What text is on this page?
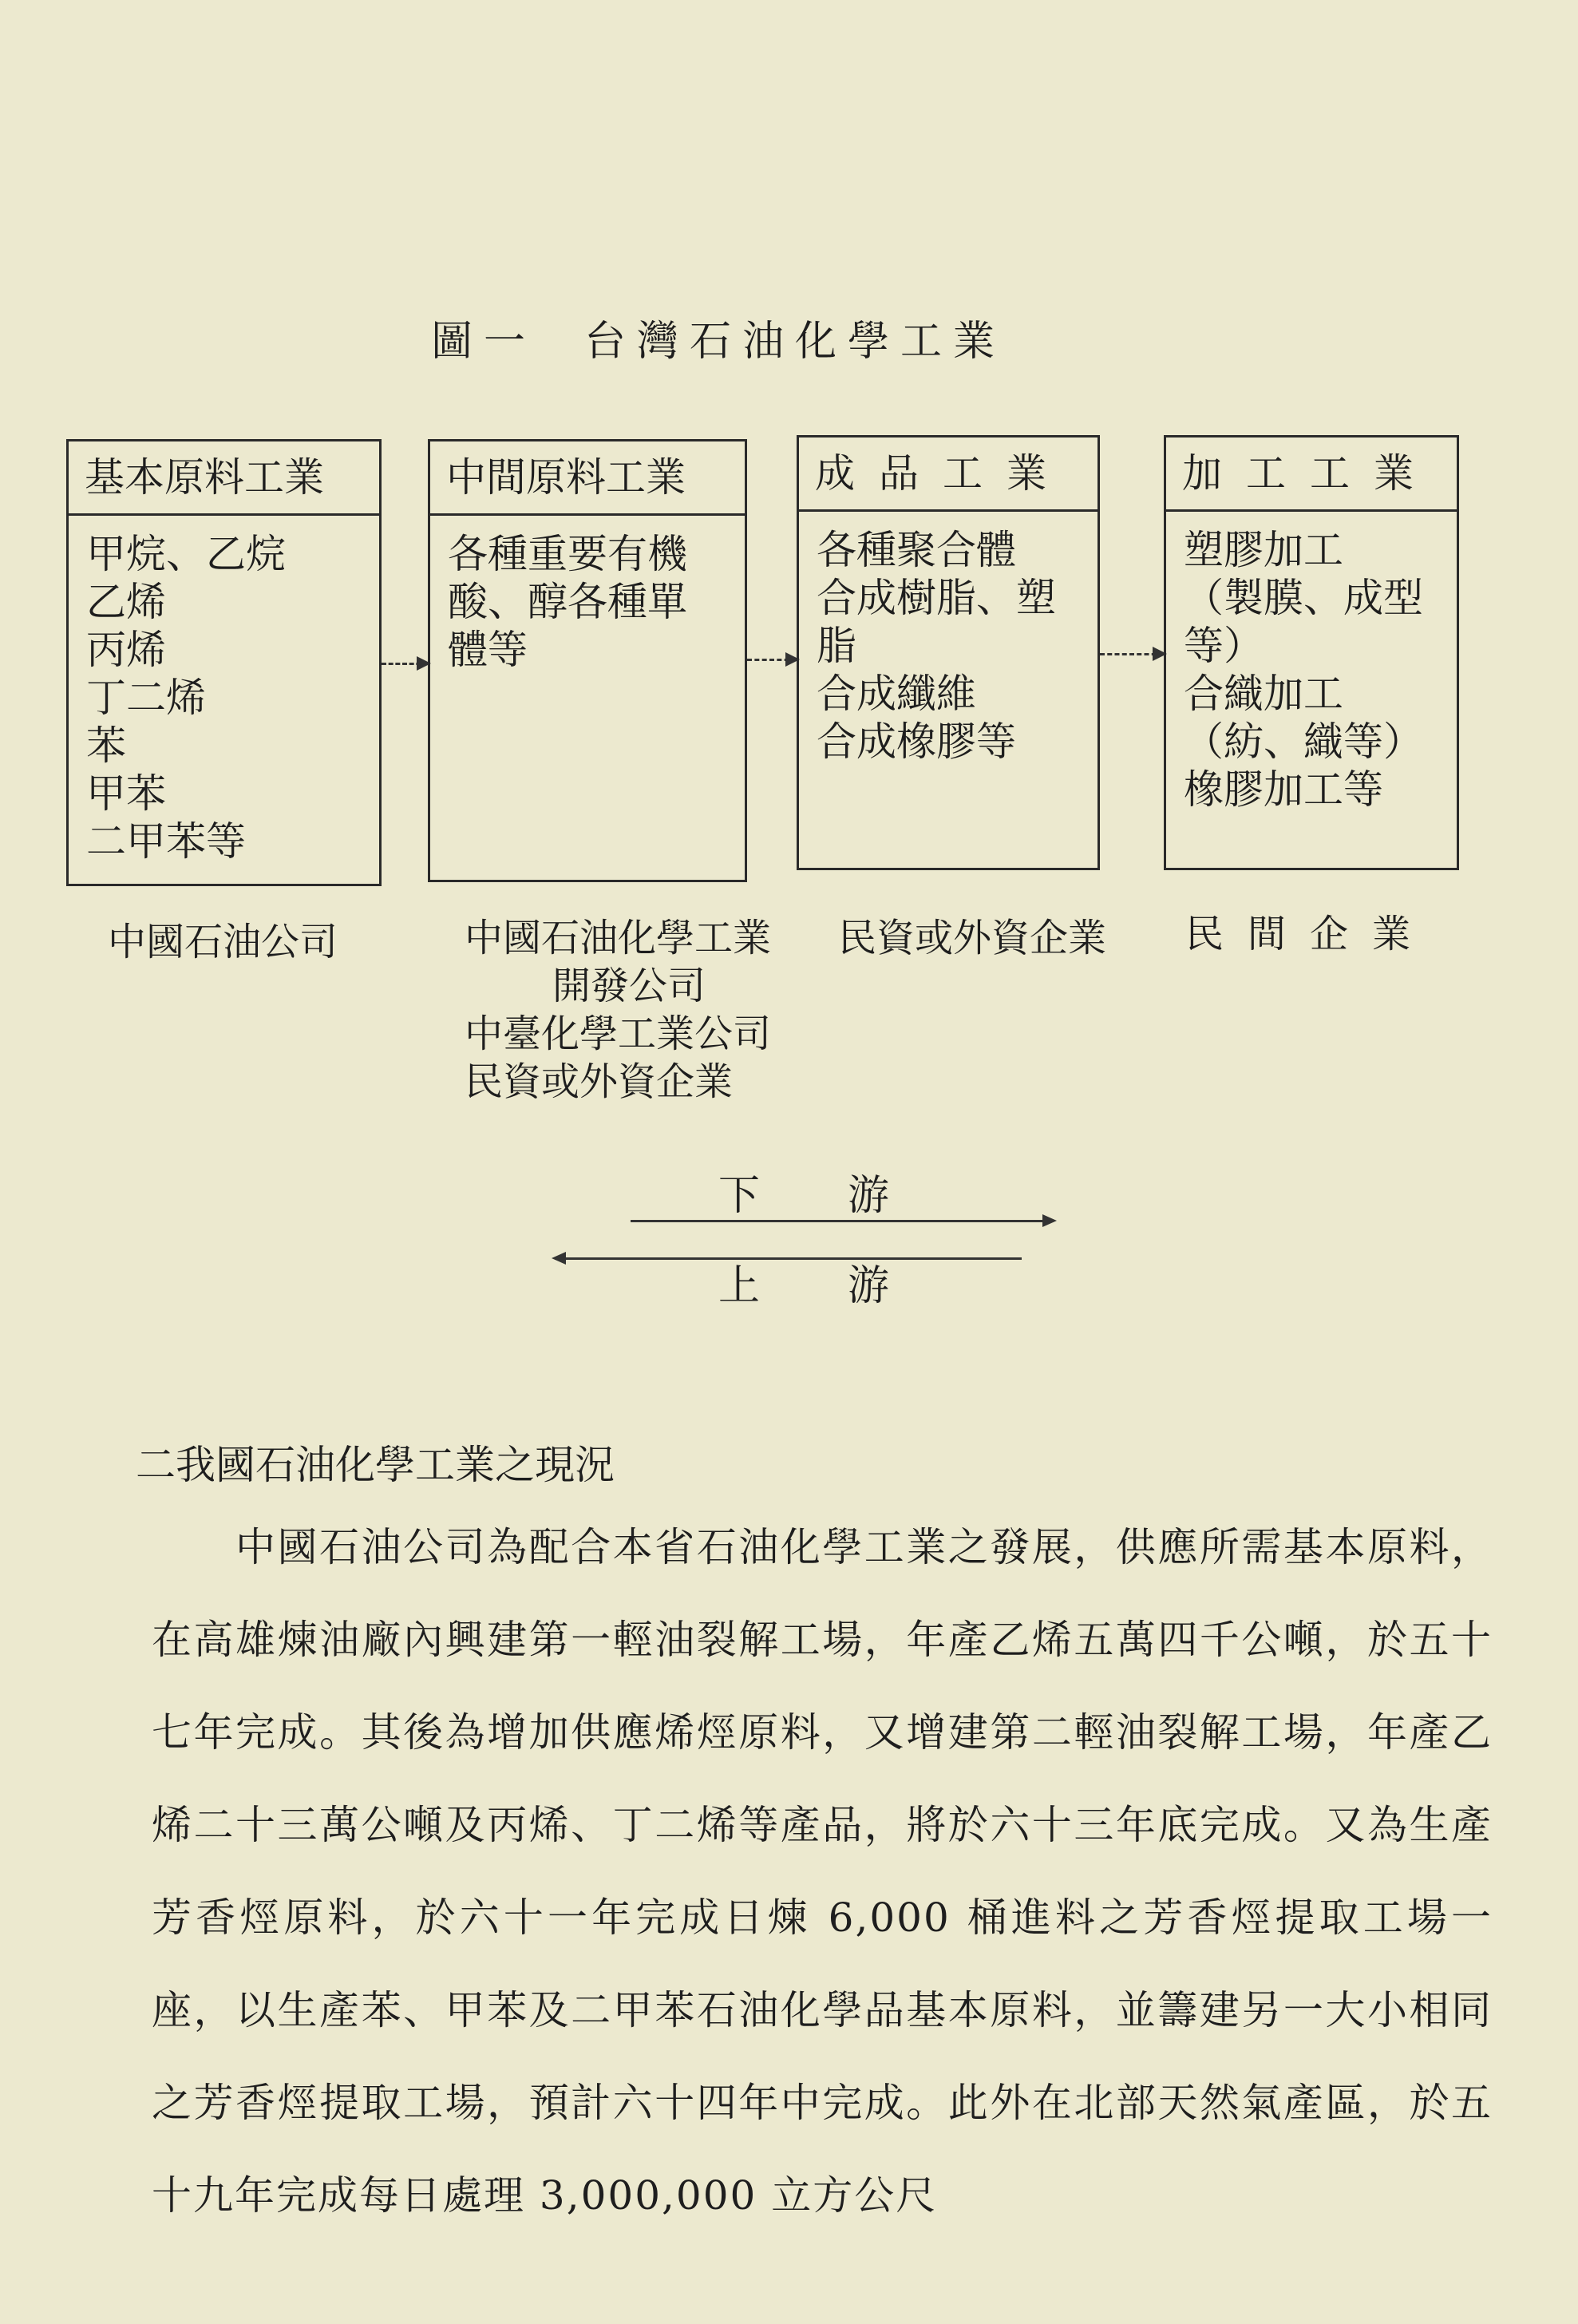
圖一 台灣石油化學工業
基本原料工業
甲烷、乙烷
乙烯
丙烯
丁二烯
苯
甲苯
二甲苯等
中間原料工業
各種重要有機
酸、醇各種單
體等
成品工業
各種聚合體
合成樹脂、塑
脂
合成纖維
合成橡膠等
加工工業
塑膠加工
（製膜、成型
等）
合織加工
（紡、織等）
橡膠加工等
中國石油公司	中國石油化學工業
開發公司
中臺化學工業公司
民資或外資企業
民資或外資企業 民間企業
下游
上游
二我國石油化學工業之現況
中國石油公司為配合本省石油化學工業之發展，供應所需基本原料，在高雄煉油廠內興建第一輕油裂解工場，年產乙烯五萬四千公噸，於五十七年完成。其後為增加供應烯烴原料，又增建第二輕油裂解工場，年產乙烯二十三萬公噸及丙烯、丁二烯等產品，將於六十三年底完成。又為生產芳香烴原料，於六十一年完成日煉 6,000 桶進料之芳香烴提取工場一座，以生產苯、甲苯及二甲苯石油化學品基本原料，並籌建另一大小相同之芳香烴提取工場，預計六十四年中完成。此外在北部天然氣產區，於五十九年完成每日處理 3,000,000 立方公尺
